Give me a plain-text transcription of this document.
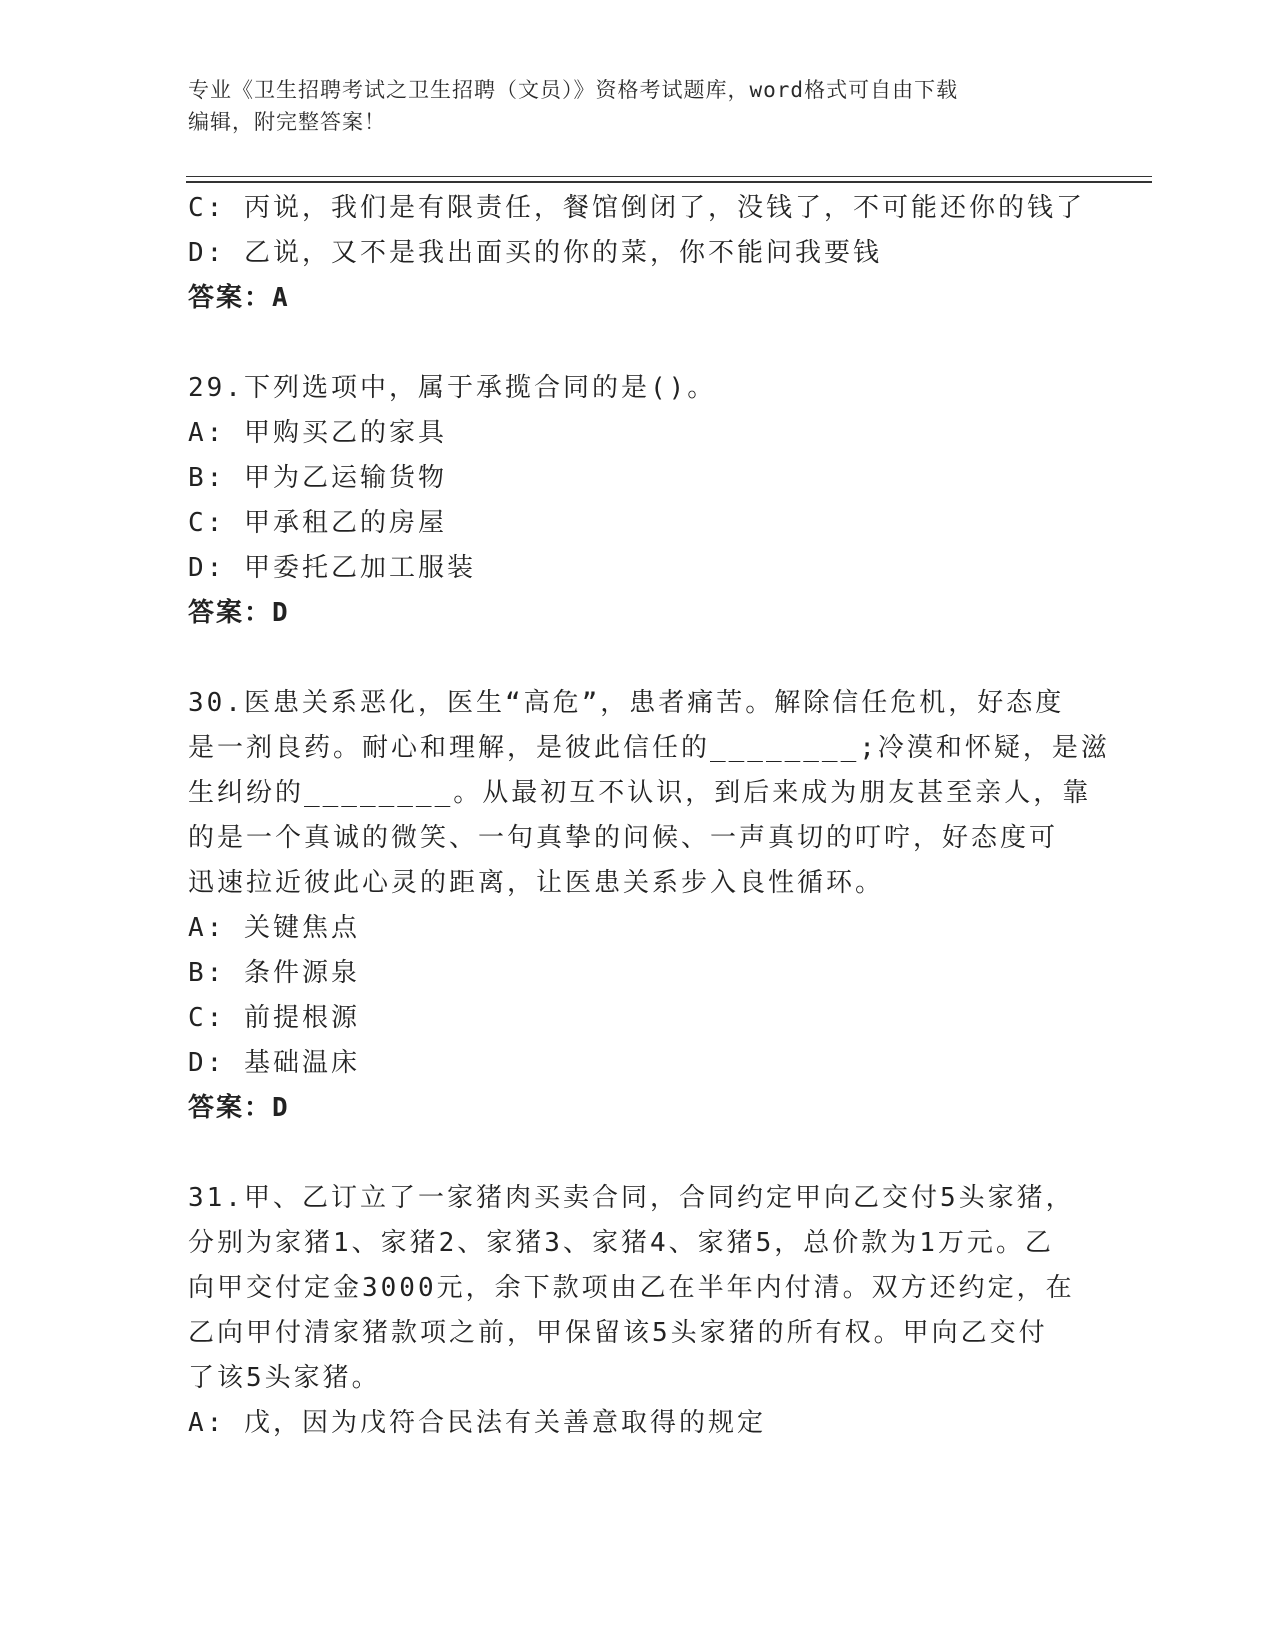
专业《卫生招聘考试之卫生招聘（文员）》资格考试题库，word格式可自由下载
编辑，附完整答案！
C: 丙说，我们是有限责任，餐馆倒闭了，没钱了，不可能还你的钱了
D: 乙说，又不是我出面买的你的菜，你不能问我要钱
答案：A
29.下列选项中，属于承揽合同的是()。
A: 甲购买乙的家具
B: 甲为乙运输货物
C: 甲承租乙的房屋
D: 甲委托乙加工服装
答案：D
30.医患关系恶化，医生“高危”，患者痛苦。解除信任危机，好态度
是一剂良药。耐心和理解，是彼此信任的________;冷漠和怀疑，是滋
生纠纷的________。从最初互不认识，到后来成为朋友甚至亲人，靠
的是一个真诚的微笑、一句真挚的问候、一声真切的叮咛，好态度可
迅速拉近彼此心灵的距离，让医患关系步入良性循环。
A: 关键焦点
B: 条件源泉
C: 前提根源
D: 基础温床
答案：D
31.甲、乙订立了一家猪肉买卖合同，合同约定甲向乙交付5头家猪，
分别为家猪1、家猪2、家猪3、家猪4、家猪5，总价款为1万元。乙
向甲交付定金3000元，余下款项由乙在半年内付清。双方还约定，在
乙向甲付清家猪款项之前，甲保留该5头家猪的所有权。甲向乙交付
了该5头家猪。
A: 戊，因为戊符合民法有关善意取得的规定
